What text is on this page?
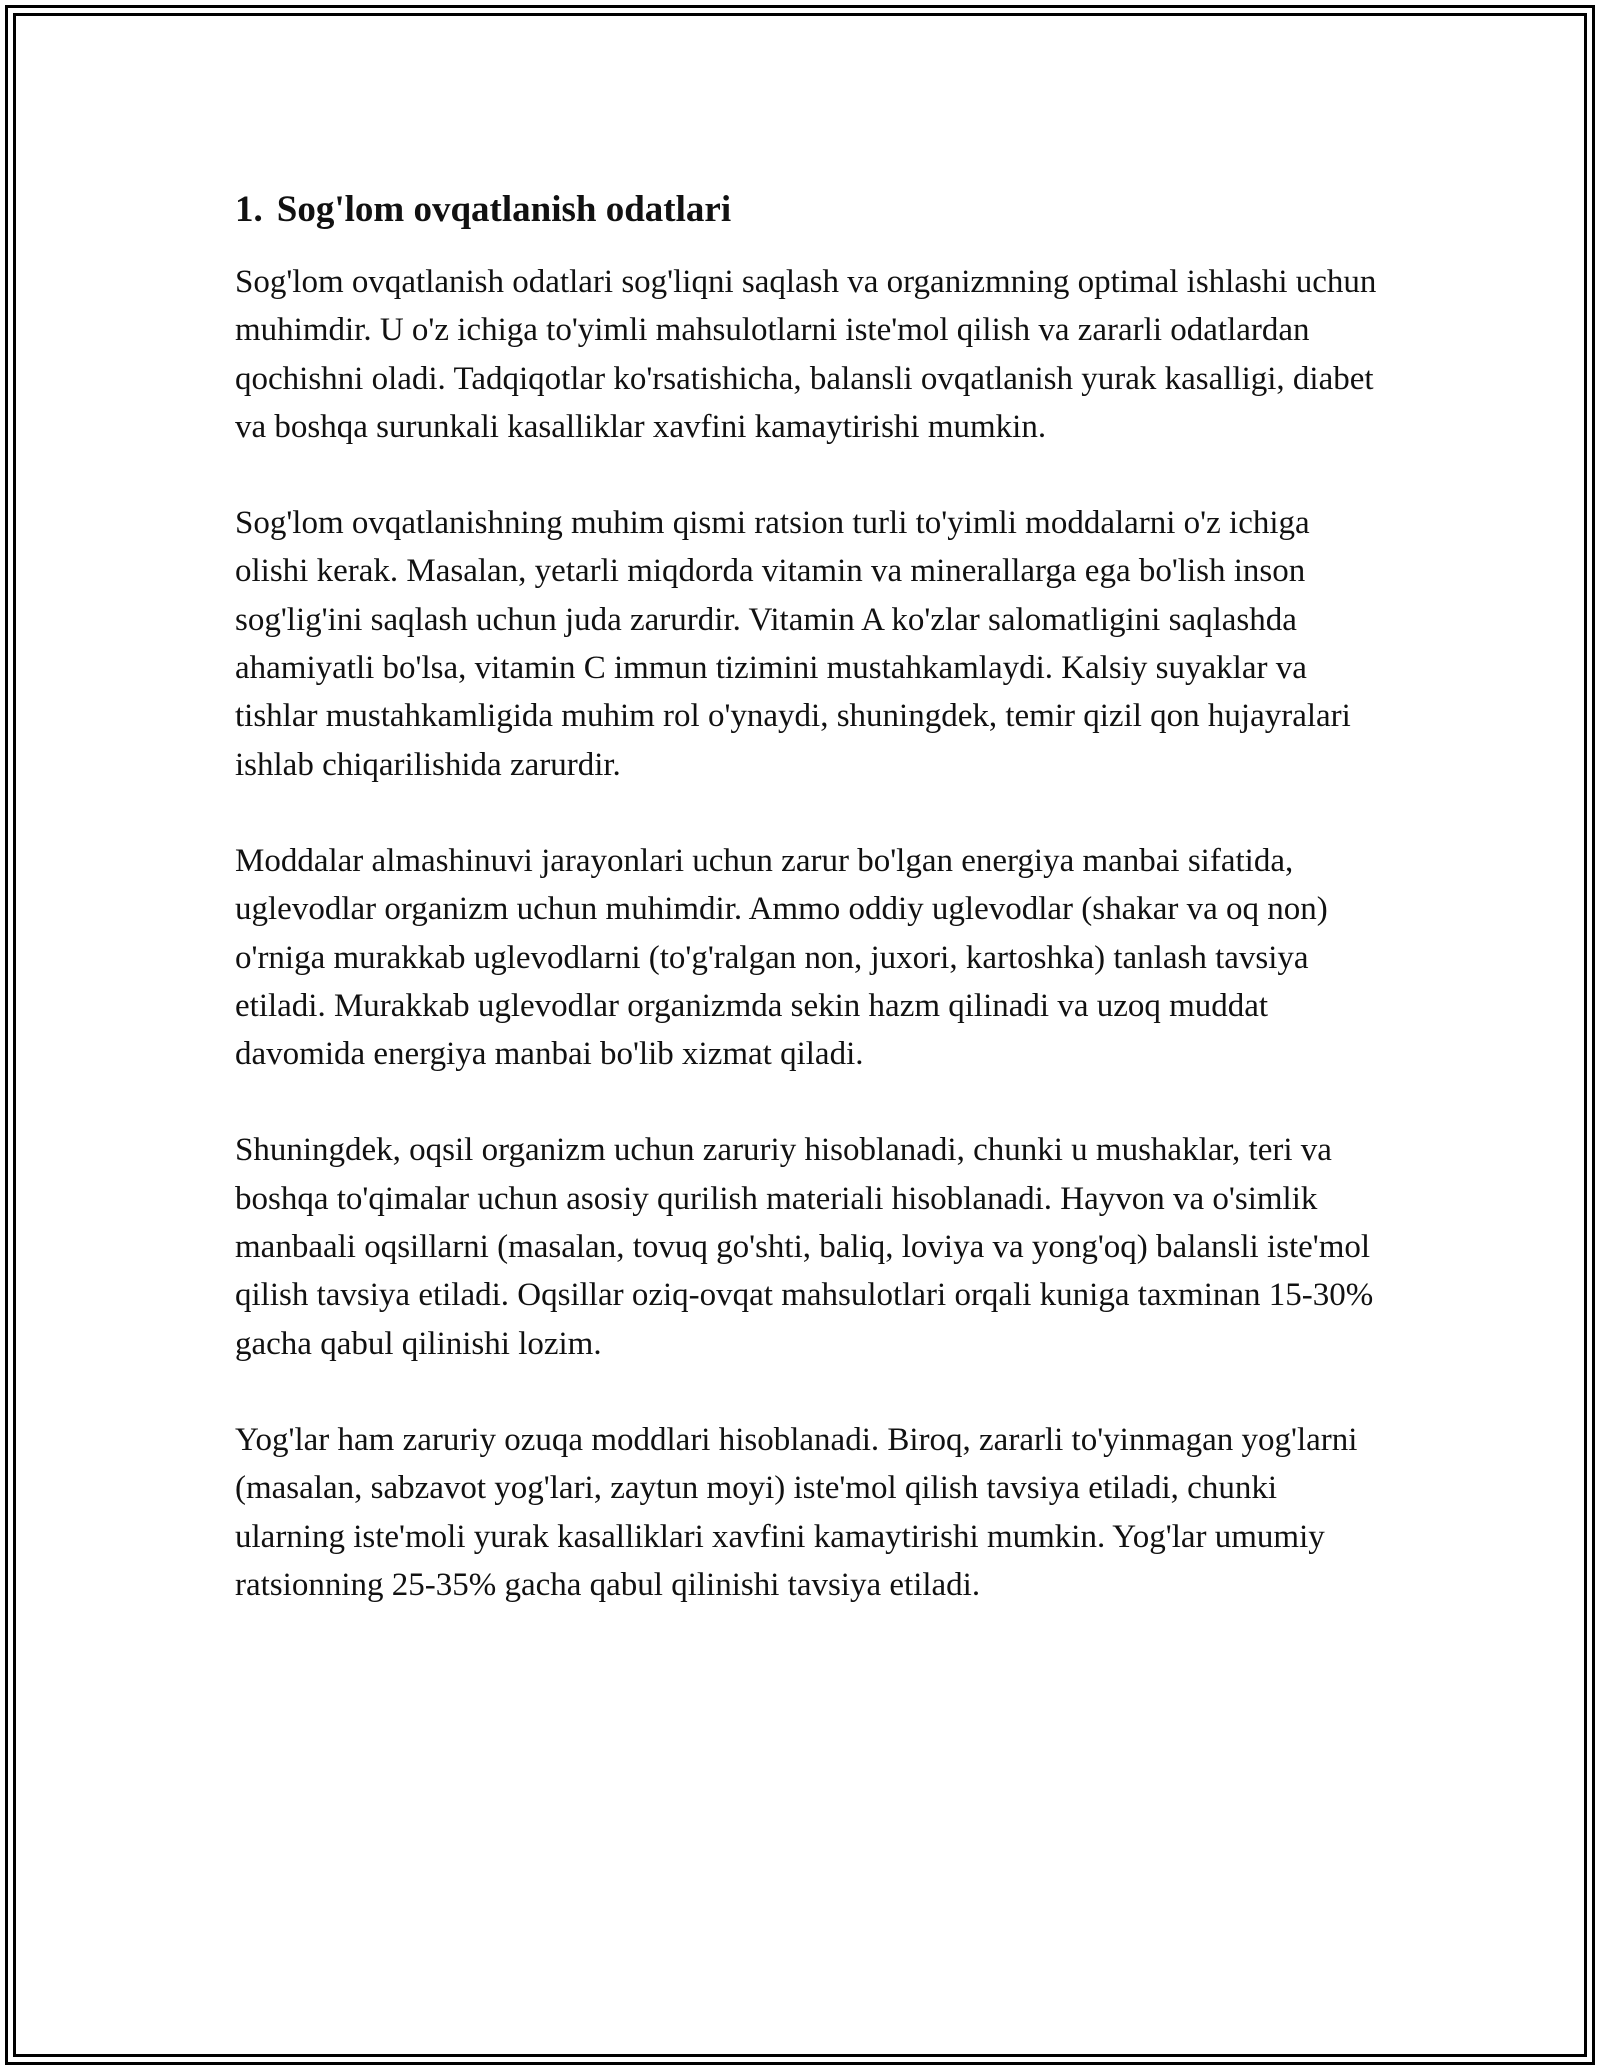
1. Sog'lom ovqatlanish odatlari

Sog'lom ovqatlanish odatlari sog'liqni saqlash va organizmning optimal ishlashi uchun muhimdir. U o'z ichiga to'yimli mahsulotlarni iste'mol qilish va zararli odatlardan qochishni oladi. Tadqiqotlar ko'rsatishicha, balansli ovqatlanish yurak kasalligi, diabet va boshqa surunkali kasalliklar xavfini kamaytirishi mumkin.

Sog'lom ovqatlanishning muhim qismi ratsion turli to'yimli moddalarni o'z ichiga olishi kerak. Masalan, yetarli miqdorda vitamin va minerallarga ega bo'lish inson sog'lig'ini saqlash uchun juda zarurdir. Vitamin A ko'zlar salomatligini saqlashda ahamiyatli bo'lsa, vitamin C immun tizimini mustahkamlaydi. Kalsiy suyaklar va tishlar mustahkamligida muhim rol o'ynaydi, shuningdek, temir qizil qon hujayralari ishlab chiqarilishida zarurdir.

Moddalar almashinuvi jarayonlari uchun zarur bo'lgan energiya manbai sifatida, uglevodlar organizm uchun muhimdir. Ammo oddiy uglevodlar (shakar va oq non) o'rniga murakkab uglevodlarni (to'g'ralgan non, juxori, kartoshka) tanlash tavsiya etiladi. Murakkab uglevodlar organizmda sekin hazm qilinadi va uzoq muddat davomida energiya manbai bo'lib xizmat qiladi.

Shuningdek, oqsil organizm uchun zaruriy hisoblanadi, chunki u mushaklar, teri va boshqa to'qimalar uchun asosiy qurilish materiali hisoblanadi. Hayvon va o'simlik manbaali oqsillarni (masalan, tovuq go'shti, baliq, loviya va yong'oq) balansli iste'mol qilish tavsiya etiladi. Oqsillar oziq-ovqat mahsulotlari orqali kuniga taxminan 15-30% gacha qabul qilinishi lozim.

Yog'lar ham zaruriy ozuqa moddlari hisoblanadi. Biroq, zararli to'yinmagan yog'larni (masalan, sabzavot yog'lari, zaytun moyi) iste'mol qilish tavsiya etiladi, chunki ularning iste'moli yurak kasalliklari xavfini kamaytirishi mumkin. Yog'lar umumiy ratsionning 25-35% gacha qabul qilinishi tavsiya etiladi.
